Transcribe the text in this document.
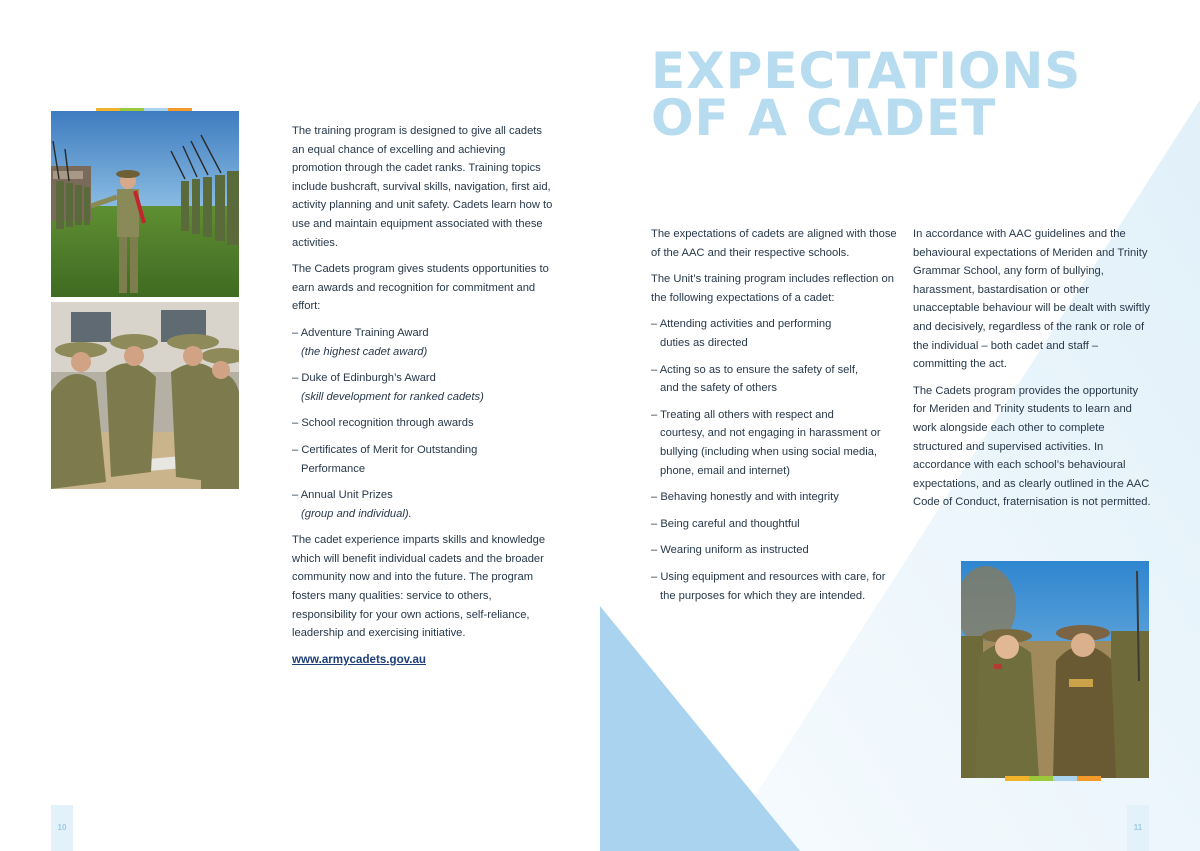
The training program is designed to give all cadets an equal chance of excelling and achieving promotion through the cadet ranks. Training topics include bushcraft, survival skills, navigation, first aid, activity planning and unit safety. Cadets learn how to use and maintain equipment associated with these activities.

The Cadets program gives students opportunities to earn awards and recognition for commitment and effort:

– Adventure Training Award
(the highest cadet award)
– Duke of Edinburgh’s Award
(skill development for ranked cadets)
– School recognition through awards
– Certificates of Merit for Outstanding
Performance
– Annual Unit Prizes
(group and individual).

The cadet experience imparts skills and knowledge which will benefit individual cadets and the broader community now and into the future. The program fosters many qualities: service to others, responsibility for your own actions, self-reliance, leadership and exercising initiative.

www.armycadets.gov.au
10
EXPECTATIONS
OF A CADET

The expectations of cadets are aligned with those of the AAC and their respective schools.

The Unit’s training program includes reflection on the following expectations of a cadet:

– Attending activities and performing
duties as directed
– Acting so as to ensure the safety of self,
and the safety of others
– Treating all others with respect and
courtesy, and not engaging in harassment or bullying (including when using social media, phone, email and internet)
– Behaving honestly and with integrity
– Being careful and thoughtful
– Wearing uniform as instructed
– Using equipment and resources with care, for
the purposes for which they are intended.

In accordance with AAC guidelines and the behavioural expectations of Meriden and Trinity Grammar School, any form of bullying, harassment, bastardisation or other unacceptable behaviour will be dealt with swiftly and decisively, regardless of the rank or role of the individual – both cadet and staff – committing the act.

The Cadets program provides the opportunity for Meriden and Trinity students to learn and work alongside each other to complete structured and supervised activities. In accordance with each school’s behavioural expectations, and as clearly outlined in the AAC Code of Conduct, fraternisation is not permitted.

11
